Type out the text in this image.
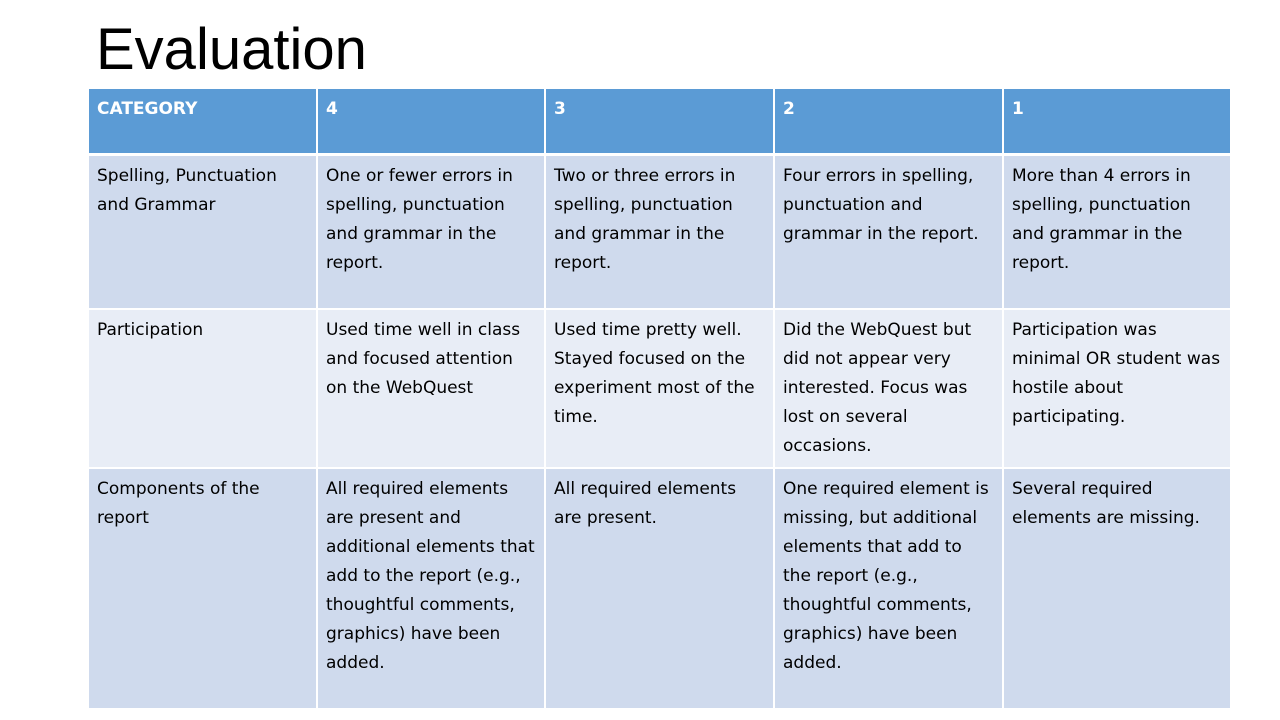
Evaluation
CATEGORY	4	3	2	1
Spelling, Punctuation and Grammar	One or fewer errors in spelling, punctuation and grammar in the report.	Two or three errors in spelling, punctuation and grammar in the report.	Four errors in spelling, punctuation and grammar in the report.	More than 4 errors in spelling, punctuation and grammar in the report.
Participation	Used time well in class and focused attention on the WebQuest	Used time pretty well. Stayed focused on the experiment most of the time.	Did the WebQuest but did not appear very interested. Focus was lost on several occasions.	Participation was minimal OR student was hostile about participating.
Components of the report	All required elements are present and additional elements that add to the report (e.g., thoughtful comments, graphics) have been added.	All required elements are present.	One required element is missing, but additional elements that add to the report (e.g., thoughtful comments, graphics) have been added.	Several required elements are missing.
